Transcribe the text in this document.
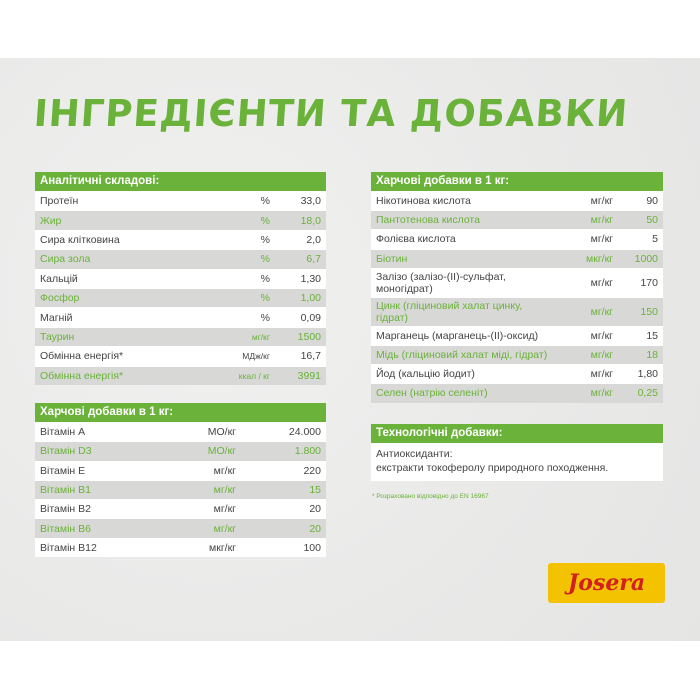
ІНГРЕДІЄНТИ ТА ДОБАВКИ
Аналітичні складові:
Протеїн	%	33,0
Жир	%	18,0
Сира клітковина	%	2,0
Сира зола	%	6,7
Кальцій	%	1,30
Фосфор	%	1,00
Магній	%	0,09
Таурин	мг/кг	1500
Обмінна енергія*	МДж/кг	16,7
Обмінна енергія*	ккал / кг	3991
Харчові добавки в 1 кг:
Вітамін А	МО/кг	24.000
Вітамін D3	МО/кг	1.800
Вітамін Е	мг/кг	220
Вітамін В1	мг/кг	15
Вітамін В2	мг/кг	20
Вітамін В6	мг/кг	20
Вітамін В12	мкг/кг	100
Харчові добавки в 1 кг:
Нікотинова кислота	мг/кг	90
Пантотенова кислота	мг/кг	50
Фолієва кислота	мг/кг	5
Біотин	мкг/кг	1000
Залізо (залізо-(II)-сульфат, моногідрат)	мг/кг	170
Цинк (гліциновий халат цинку, гідрат)	мг/кг	150
Марганець (марганець-(II)-оксид)	мг/кг	15
Мідь (гліциновий халат міді, гідрат)	мг/кг	18
Йод (кальцію йодит)	мг/кг	1,80
Селен (натрію селеніт)	мг/кг	0,25
Технологічні добавки:
Антиоксиданти:
екстракти токоферолу природного походження.
* Розраховано відповідно до EN 16967
Josera
